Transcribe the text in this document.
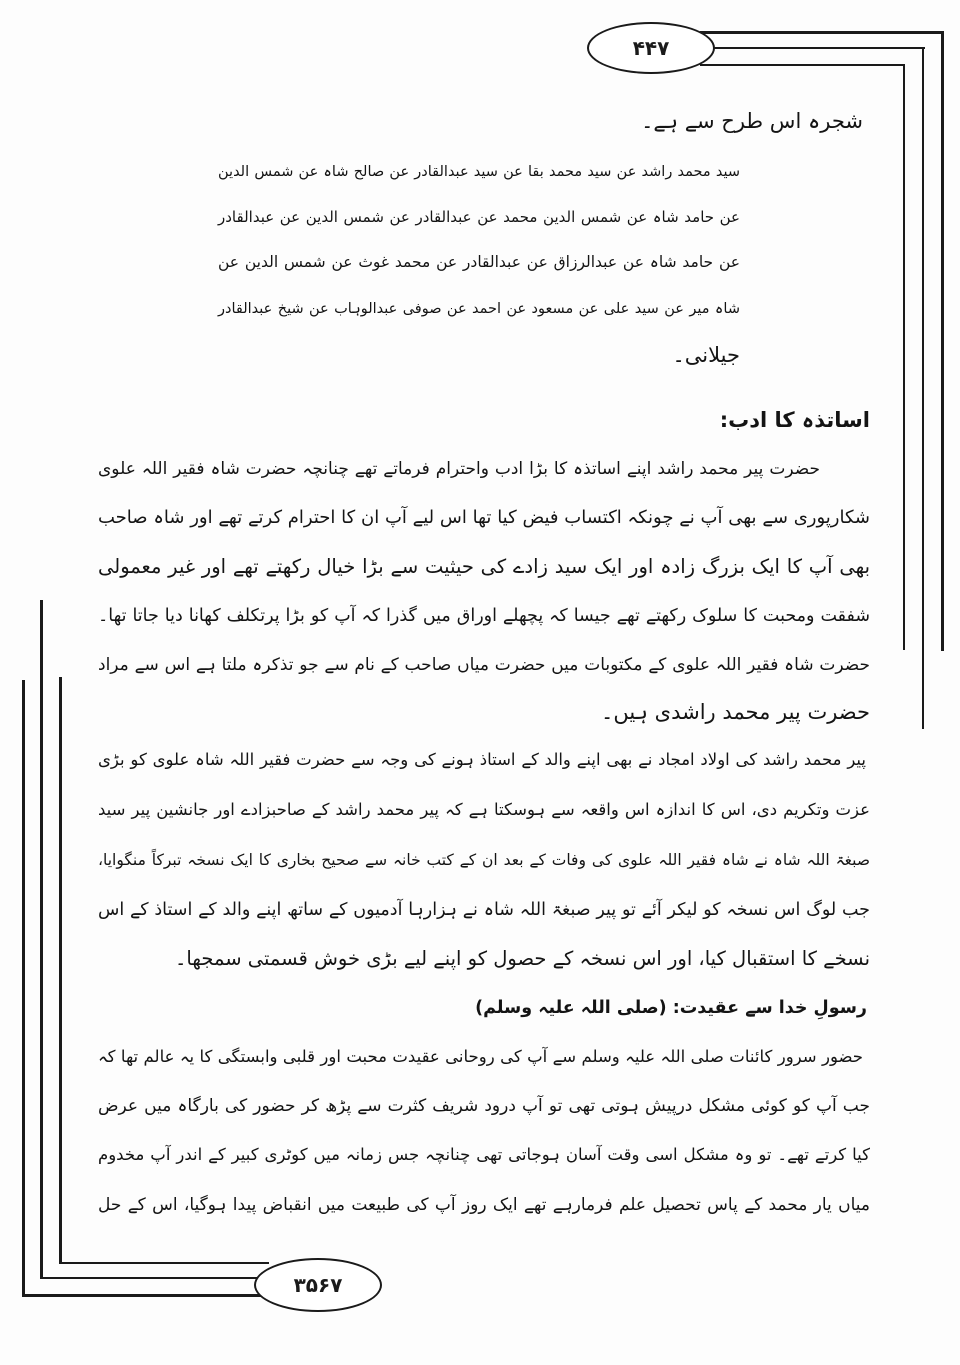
۴۴۷
۳۵۶۷
شجرہ اس طرح سے ہے۔
سید محمد راشد عن سید محمد بقا عن سید عبدالقادر عن صالح شاہ عن شمس الدین
عن حامد شاہ عن شمس الدین محمد عن عبدالقادر عن شمس الدین عن عبدالقادر
عن حامد شاہ عن عبدالرزاق عن عبدالقادر عن محمد غوث عن شمس الدین عن
شاہ میر عن سید علی عن مسعود عن احمد عن صوفی عبدالوہاب عن شیخ عبدالقادر
جیلانی۔
اساتذہ کا ادب:
حضرت پیر محمد راشد اپنے اساتذہ کا بڑا ادب واحترام فرماتے تھے چنانچہ حضرت شاہ فقیر اللہ علوی
شکارپوری سے بھی آپ نے چونکہ اکتساب فیض کیا تھا اس لیے آپ ان کا احترام کرتے تھے اور شاہ صاحب
بھی آپ کا ایک بزرگ زادہ اور ایک سید زادے کی حیثیت سے بڑا خیال رکھتے تھے اور غیر معمولی
شفقت ومحبت کا سلوک رکھتے تھے جیسا کہ پچھلے اوراق میں گذرا کہ آپ کو بڑا پرتکلف کھانا دیا جاتا تھا۔
حضرت شاہ فقیر اللہ علوی کے مکتوبات میں حضرت میاں صاحب کے نام سے جو تذکرہ ملتا ہے اس سے مراد
حضرت پیر محمد راشدی ہیں۔
پیر محمد راشد کی اولاد امجاد نے بھی اپنے والد کے استاذ ہونے کی وجہ سے حضرت فقیر اللہ شاہ علوی کو بڑی
عزت وتکریم دی، اس کا اندازہ اس واقعہ سے ہوسکتا ہے کہ پیر محمد راشد کے صاحبزادے اور جانشین پیر سید
صبغۃ اللہ شاہ نے شاہ فقیر اللہ علوی کی وفات کے بعد ان کے کتب خانہ سے صحیح بخاری کا ایک نسخہ تبرکاً منگوایا،
جب لوگ اس نسخہ کو لیکر آئے تو پیر صبغۃ اللہ شاہ نے ہزارہا آدمیوں کے ساتھ اپنے والد کے استاذ کے اس
نسخے کا استقبال کیا، اور اس نسخہ کے حصول کو اپنے لیے بڑی خوش قسمتی سمجھا۔
رسولِ خدا سے عقیدت: (صلی اللہ علیہ وسلم)
حضور سرور کائنات صلی اللہ علیہ وسلم سے آپ کی روحانی عقیدت محبت اور قلبی وابستگی کا یہ عالم تھا کہ
جب آپ کو کوئی مشکل درپیش ہوتی تھی تو آپ درود شریف کثرت سے پڑھ کر حضور کی بارگاہ میں عرض
کیا کرتے تھے۔ تو وہ مشکل اسی وقت آسان ہوجاتی تھی چنانچہ جس زمانہ میں کوٹری کبیر کے اندر آپ مخدوم
میاں یار محمد کے پاس تحصیل علم فرمارہے تھے ایک روز آپ کی طبیعت میں انقباض پیدا ہوگیا، اس کے حل
